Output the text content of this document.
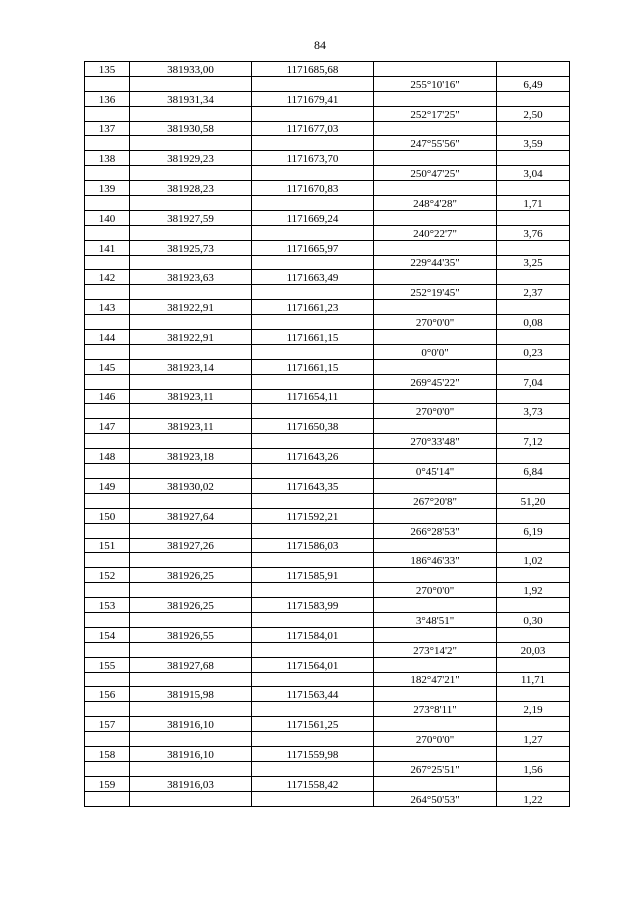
84
135	381933,00	1171685,68		
			255°10'16"	6,49
136	381931,34	1171679,41		
			252°17'25"	2,50
137	381930,58	1171677,03		
			247°55'56"	3,59
138	381929,23	1171673,70		
			250°47'25"	3,04
139	381928,23	1171670,83		
			248°4'28"	1,71
140	381927,59	1171669,24		
			240°22'7"	3,76
141	381925,73	1171665,97		
			229°44'35"	3,25
142	381923,63	1171663,49		
			252°19'45"	2,37
143	381922,91	1171661,23		
			270°0'0"	0,08
144	381922,91	1171661,15		
			0°0'0"	0,23
145	381923,14	1171661,15		
			269°45'22"	7,04
146	381923,11	1171654,11		
			270°0'0"	3,73
147	381923,11	1171650,38		
			270°33'48"	7,12
148	381923,18	1171643,26		
			0°45'14"	6,84
149	381930,02	1171643,35		
			267°20'8"	51,20
150	381927,64	1171592,21		
			266°28'53"	6,19
151	381927,26	1171586,03		
			186°46'33"	1,02
152	381926,25	1171585,91		
			270°0'0"	1,92
153	381926,25	1171583,99		
			3°48'51"	0,30
154	381926,55	1171584,01		
			273°14'2"	20,03
155	381927,68	1171564,01		
			182°47'21"	11,71
156	381915,98	1171563,44		
			273°8'11"	2,19
157	381916,10	1171561,25		
			270°0'0"	1,27
158	381916,10	1171559,98		
			267°25'51"	1,56
159	381916,03	1171558,42		
			264°50'53"	1,22
